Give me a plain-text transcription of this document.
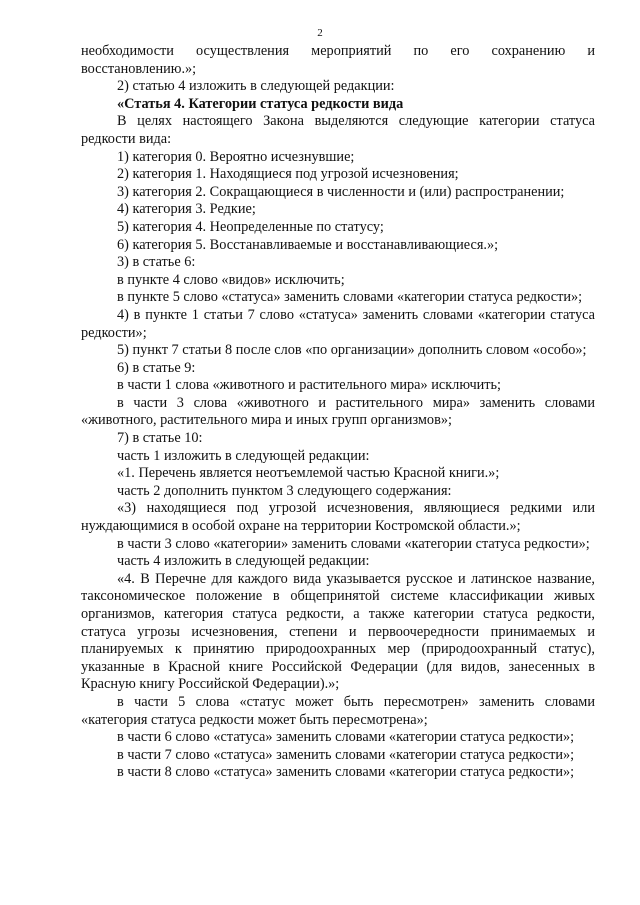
2

необходимости осуществления мероприятий по его сохранению и восстановлению.»;

2) статью 4 изложить в следующей редакции:

«Статья 4. Категории статуса редкости вида

В целях настоящего Закона выделяются следующие категории статуса редкости вида:

1) категория 0. Вероятно исчезнувшие;

2) категория 1. Находящиеся под угрозой исчезновения;

3) категория 2. Сокращающиеся в численности и (или) распространении;

4) категория 3. Редкие;

5) категория 4. Неопределенные по статусу;

6) категория 5. Восстанавливаемые и восстанавливающиеся.»;

3) в статье 6:

в пункте 4 слово «видов» исключить;

в пункте 5 слово «статуса» заменить словами «категории статуса редкости»;

4) в пункте 1 статьи 7 слово «статуса» заменить словами «категории статуса редкости»;

5) пункт 7 статьи 8 после слов «по организации» дополнить словом «особо»;

6) в статье 9:

в части 1 слова «животного и растительного мира» исключить;

в части 3 слова «животного и растительного мира» заменить словами «животного, растительного мира и иных групп организмов»;

7) в статье 10:

часть 1 изложить в следующей редакции:

«1. Перечень является неотъемлемой частью Красной книги.»;

часть 2 дополнить пунктом 3 следующего содержания:

«3) находящиеся под угрозой исчезновения, являющиеся редкими или нуждающимися в особой охране на территории Костромской области.»;

в части 3 слово «категории» заменить словами «категории статуса редкости»;

часть 4 изложить в следующей редакции:

«4. В Перечне для каждого вида указывается русское и латинское название, таксономическое положение в общепринятой системе классификации живых организмов, категория статуса редкости, а также категории статуса редкости, статуса угрозы исчезновения, степени и первоочередности принимаемых и планируемых к принятию природоохранных мер (природоохранный статус), указанные в Красной книге Российской Федерации (для видов, занесенных в Красную книгу Российской Федерации).»;

в части 5 слова «статус может быть пересмотрен» заменить словами «категория статуса редкости может быть пересмотрена»;

в части 6 слово «статуса» заменить словами «категории статуса редкости»;

в части 7 слово «статуса» заменить словами «категории статуса редкости»;

в части 8 слово «статуса» заменить словами «категории статуса редкости»;
